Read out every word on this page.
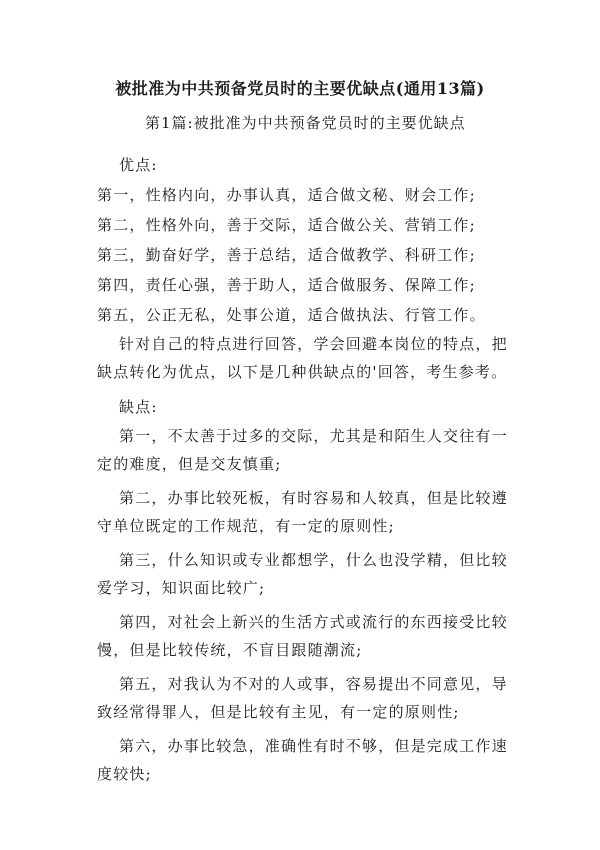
被批准为中共预备党员时的主要优缺点(通用13篇)

第1篇:被批准为中共预备党员时的主要优缺点

优点:

第一，性格内向，办事认真，适合做文秘、财会工作;

第二，性格外向，善于交际，适合做公关、营销工作;

第三，勤奋好学，善于总结，适合做教学、科研工作;

第四，责任心强，善于助人，适合做服务、保障工作;

第五，公正无私，处事公道，适合做执法、行管工作。

针对自己的特点进行回答，学会回避本岗位的特点，把缺点转化为优点，以下是几种供缺点的'回答，考生参考。

缺点:

第一，不太善于过多的交际，尤其是和陌生人交往有一定的难度，但是交友慎重;

第二，办事比较死板，有时容易和人较真，但是比较遵守单位既定的工作规范，有一定的原则性;

第三，什么知识或专业都想学，什么也没学精，但比较爱学习，知识面比较广;

第四，对社会上新兴的生活方式或流行的东西接受比较慢，但是比较传统，不盲目跟随潮流;

第五，对我认为不对的人或事，容易提出不同意见，导致经常得罪人，但是比较有主见，有一定的原则性;

第六，办事比较急，准确性有时不够，但是完成工作速度较快;
